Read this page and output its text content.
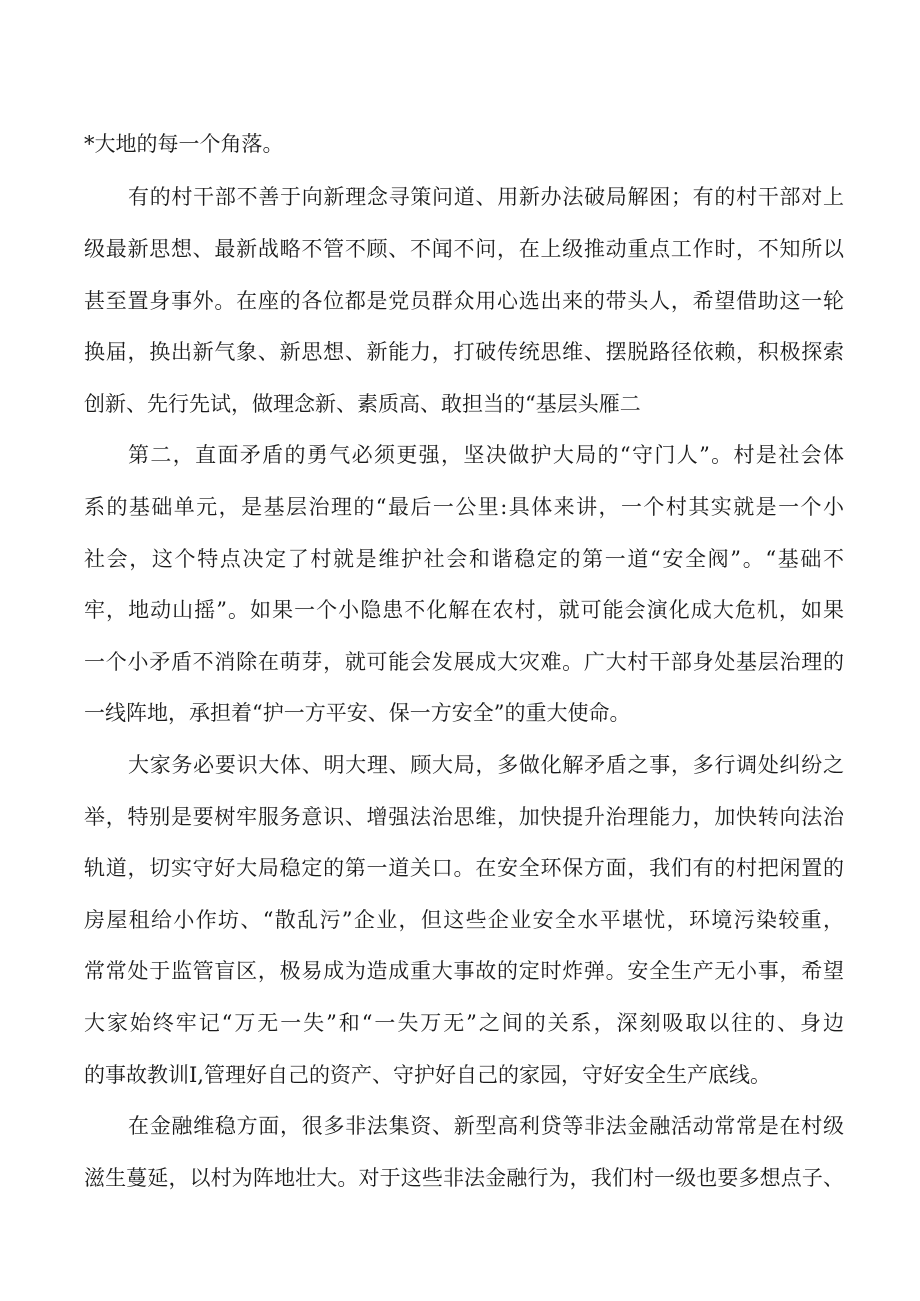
*大地的每一个角落。
有的村干部不善于向新理念寻策问道、用新办法破局解困；有的村干部对上
级最新思想、最新战略不管不顾、不闻不问，在上级推动重点工作时，不知所以
甚至置身事外。在座的各位都是党员群众用心选出来的带头人，希望借助这一轮
换届，换出新气象、新思想、新能力，打破传统思维、摆脱路径依赖，积极探索
创新、先行先试，做理念新、素质高、敢担当的“基层头雁二
第二，直面矛盾的勇气必须更强，坚决做护大局的“守门人”。村是社会体
系的基础单元，是基层治理的“最后一公里:具体来讲，一个村其实就是一个小
社会，这个特点决定了村就是维护社会和谐稳定的第一道“安全阀”。“基础不
牢，地动山摇”。如果一个小隐患不化解在农村，就可能会演化成大危机，如果
一个小矛盾不消除在萌芽，就可能会发展成大灾难。广大村干部身处基层治理的
一线阵地，承担着“护一方平安、保一方安全”的重大使命。
大家务必要识大体、明大理、顾大局，多做化解矛盾之事，多行调处纠纷之
举，特别是要树牢服务意识、增强法治思维，加快提升治理能力，加快转向法治
轨道，切实守好大局稳定的第一道关口。在安全环保方面，我们有的村把闲置的
房屋租给小作坊、“散乱污”企业，但这些企业安全水平堪忧，环境污染较重，
常常处于监管盲区，极易成为造成重大事故的定时炸弹。安全生产无小事，希望
大家始终牢记“万无一失”和“一失万无”之间的关系，深刻吸取以往的、身边
的事故教训I,管理好自己的资产、守护好自己的家园，守好安全生产底线。
在金融维稳方面，很多非法集资、新型高利贷等非法金融活动常常是在村级
滋生蔓延，以村为阵地壮大。对于这些非法金融行为，我们村一级也要多想点子、
